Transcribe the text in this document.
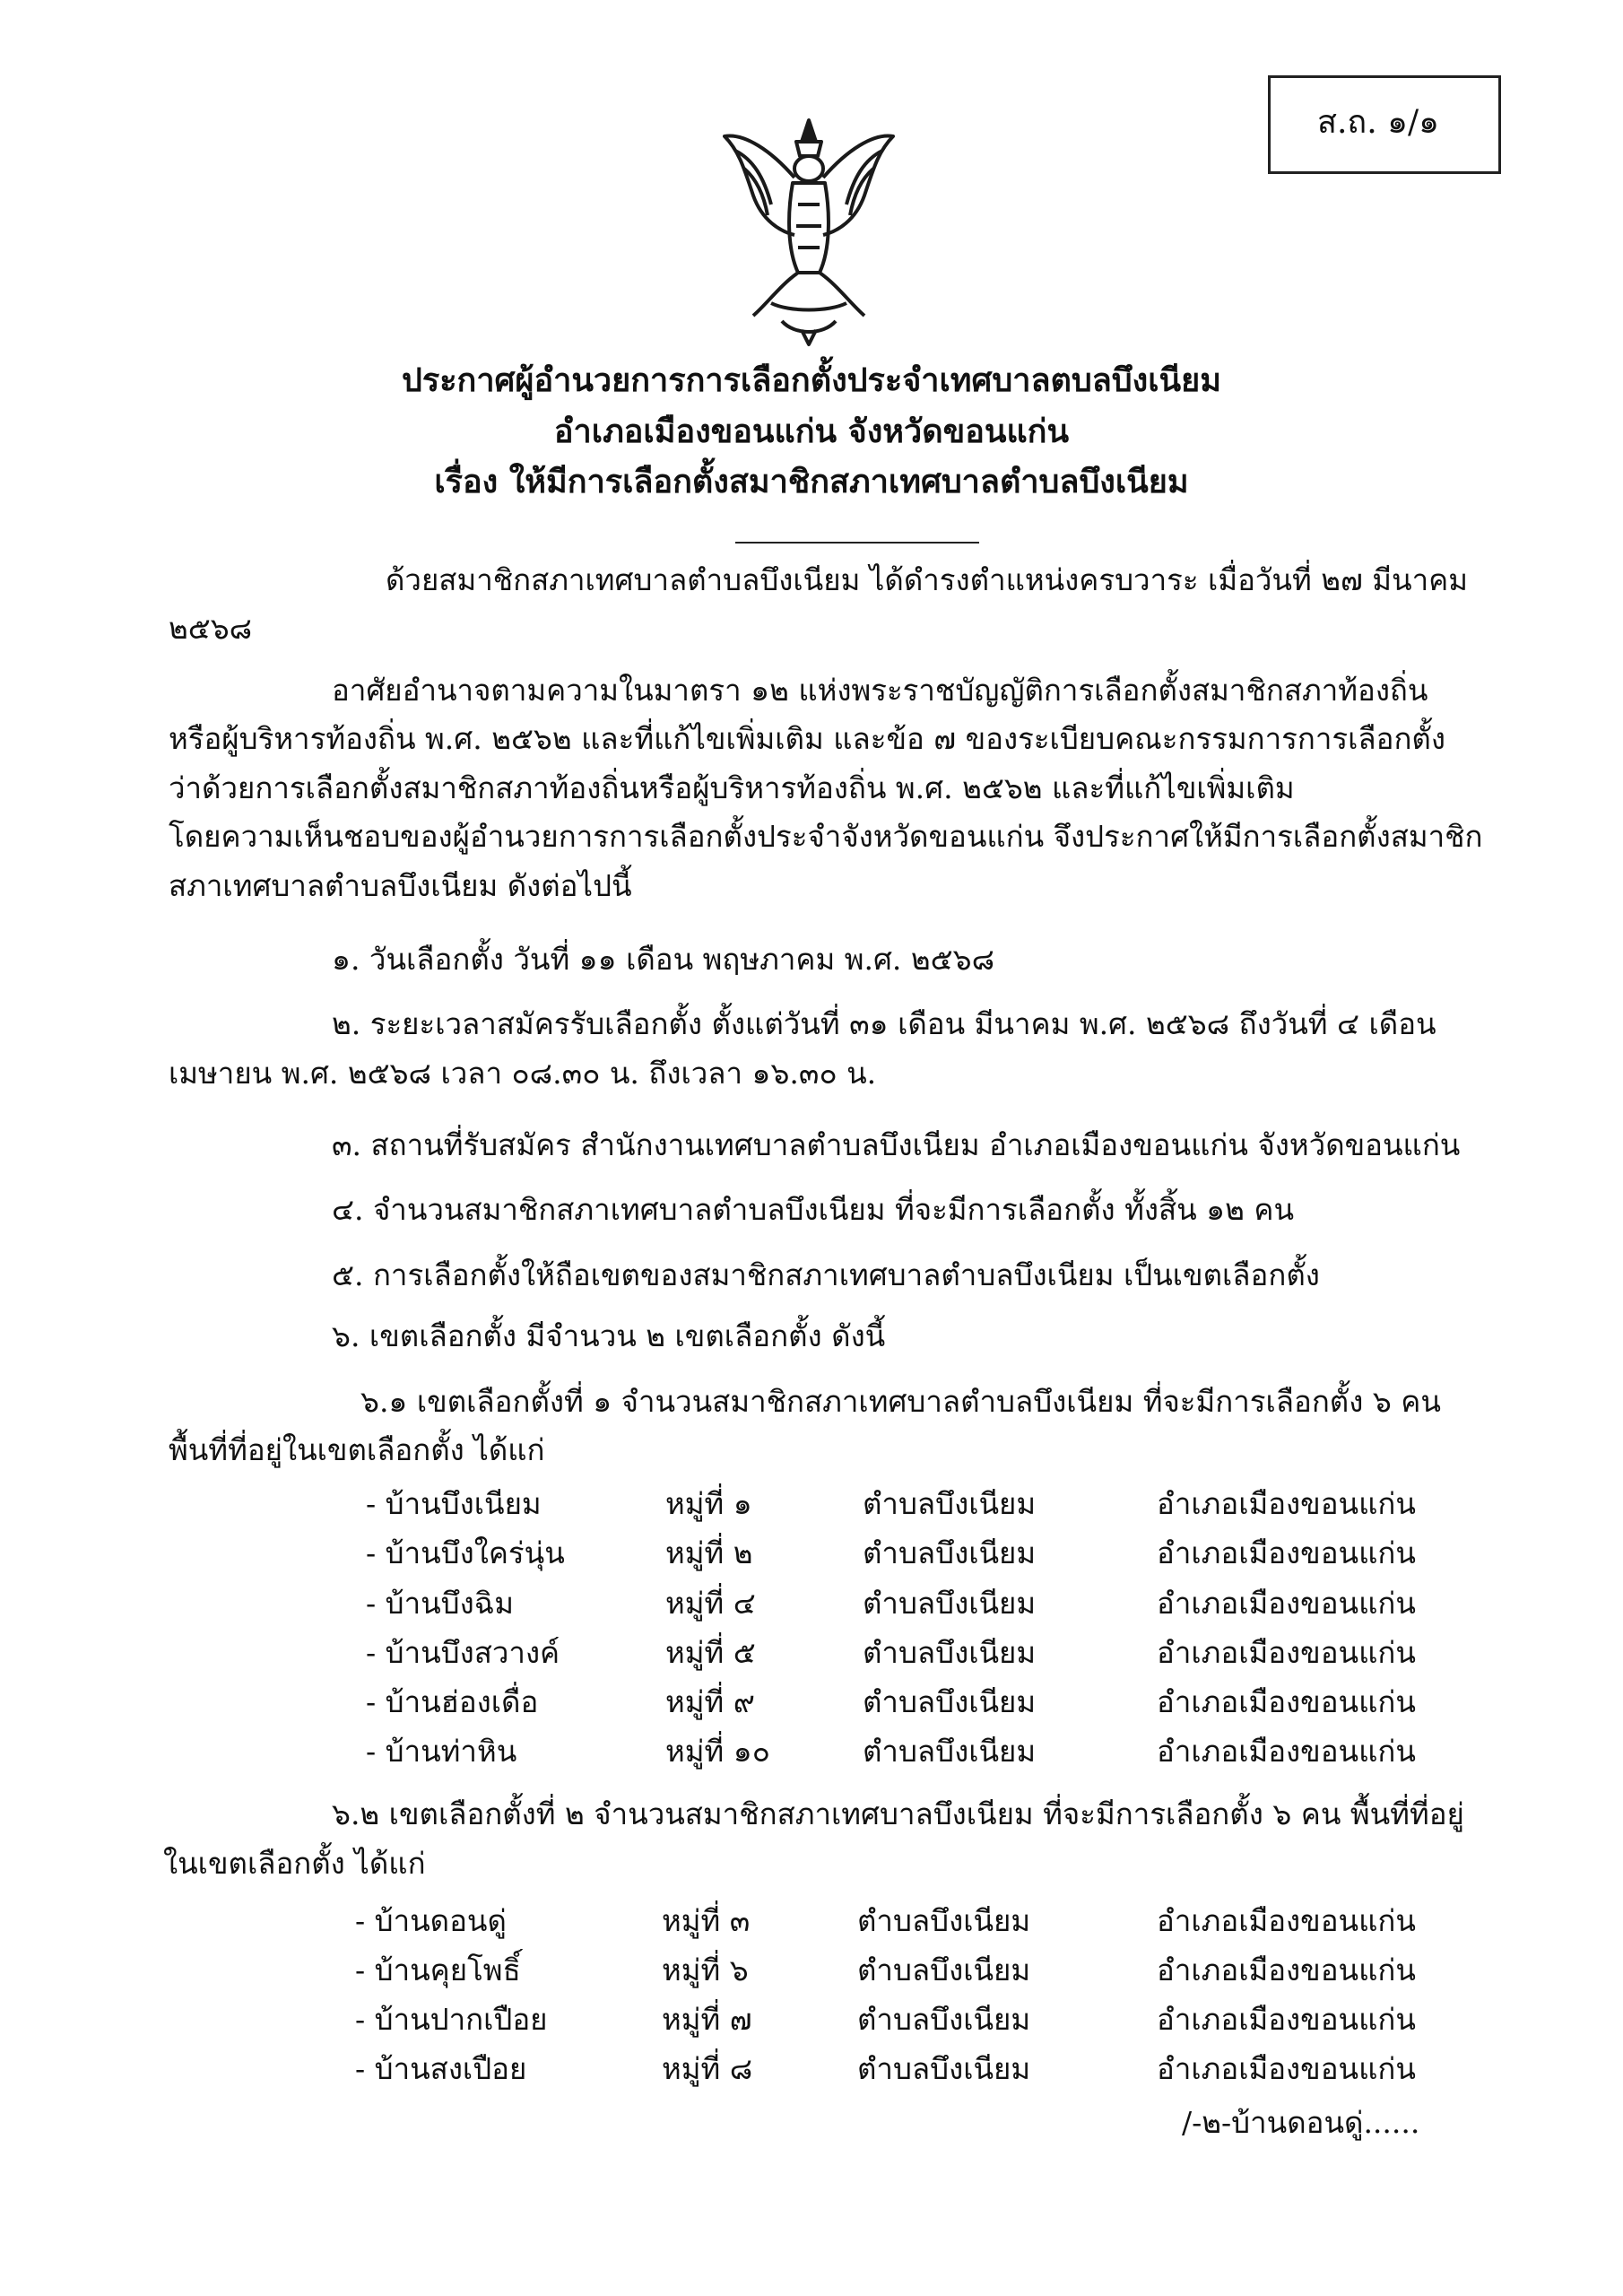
ส.ถ. ๑/๑
ประกาศผู้อำนวยการการเลือกตั้งประจำเทศบาลตบลบึงเนียม
อำเภอเมืองขอนแก่น จังหวัดขอนแก่น
เรื่อง ให้มีการเลือกตั้งสมาชิกสภาเทศบาลตำบลบึงเนียม
ด้วยสมาชิกสภาเทศบาลตำบลบึงเนียม ได้ดำรงตำแหน่งครบวาระ เมื่อวันที่ ๒๗ มีนาคม
๒๕๖๘
อาศัยอำนาจตามความในมาตรา ๑๒ แห่งพระราชบัญญัติการเลือกตั้งสมาชิกสภาท้องถิ่น
หรือผู้บริหารท้องถิ่น พ.ศ. ๒๕๖๒ และที่แก้ไขเพิ่มเติม และข้อ ๗ ของระเบียบคณะกรรมการการเลือกตั้ง
ว่าด้วยการเลือกตั้งสมาชิกสภาท้องถิ่นหรือผู้บริหารท้องถิ่น พ.ศ. ๒๕๖๒ และที่แก้ไขเพิ่มเติม
โดยความเห็นชอบของผู้อำนวยการการเลือกตั้งประจำจังหวัดขอนแก่น จึงประกาศให้มีการเลือกตั้งสมาชิก
สภาเทศบาลตำบลบึงเนียม ดังต่อไปนี้
๑. วันเลือกตั้ง วันที่ ๑๑ เดือน พฤษภาคม พ.ศ. ๒๕๖๘
๒. ระยะเวลาสมัครรับเลือกตั้ง ตั้งแต่วันที่ ๓๑ เดือน มีนาคม พ.ศ. ๒๕๖๘ ถึงวันที่ ๔ เดือน
เมษายน พ.ศ. ๒๕๖๘ เวลา ๐๘.๓๐ น. ถึงเวลา ๑๖.๓๐ น.
๓. สถานที่รับสมัคร สำนักงานเทศบาลตำบลบึงเนียม อำเภอเมืองขอนแก่น จังหวัดขอนแก่น
๔. จำนวนสมาชิกสภาเทศบาลตำบลบึงเนียม ที่จะมีการเลือกตั้ง ทั้งสิ้น ๑๒ คน
๕. การเลือกตั้งให้ถือเขตของสมาชิกสภาเทศบาลตำบลบึงเนียม เป็นเขตเลือกตั้ง
๖. เขตเลือกตั้ง มีจำนวน ๒ เขตเลือกตั้ง ดังนี้
๖.๑ เขตเลือกตั้งที่ ๑ จำนวนสมาชิกสภาเทศบาลตำบลบึงเนียม ที่จะมีการเลือกตั้ง ๖ คน
พื้นที่ที่อยู่ในเขตเลือกตั้ง ได้แก่
- บ้านบึงเนียม	หมู่ที่ ๑	ตำบลบึงเนียม	อำเภอเมืองขอนแก่น
- บ้านบึงใคร่นุ่น	หมู่ที่ ๒	ตำบลบึงเนียม	อำเภอเมืองขอนแก่น
- บ้านบึงฉิม	หมู่ที่ ๔	ตำบลบึงเนียม	อำเภอเมืองขอนแก่น
- บ้านบึงสวางค์	หมู่ที่ ๕	ตำบลบึงเนียม	อำเภอเมืองขอนแก่น
- บ้านฮ่องเดื่อ	หมู่ที่ ๙	ตำบลบึงเนียม	อำเภอเมืองขอนแก่น
- บ้านท่าหิน	หมู่ที่ ๑๐	ตำบลบึงเนียม	อำเภอเมืองขอนแก่น
๖.๒ เขตเลือกตั้งที่ ๒ จำนวนสมาชิกสภาเทศบาลบึงเนียม ที่จะมีการเลือกตั้ง ๖ คน พื้นที่ที่อยู่
ในเขตเลือกตั้ง ได้แก่
- บ้านดอนดู่	หมู่ที่ ๓	ตำบลบึงเนียม	อำเภอเมืองขอนแก่น
- บ้านคุยโพธิ์	หมู่ที่ ๖	ตำบลบึงเนียม	อำเภอเมืองขอนแก่น
- บ้านปากเปือย	หมู่ที่ ๗	ตำบลบึงเนียม	อำเภอเมืองขอนแก่น
- บ้านสงเปือย	หมู่ที่ ๘	ตำบลบึงเนียม	อำเภอเมืองขอนแก่น
/-๒-บ้านดอนดู่......
